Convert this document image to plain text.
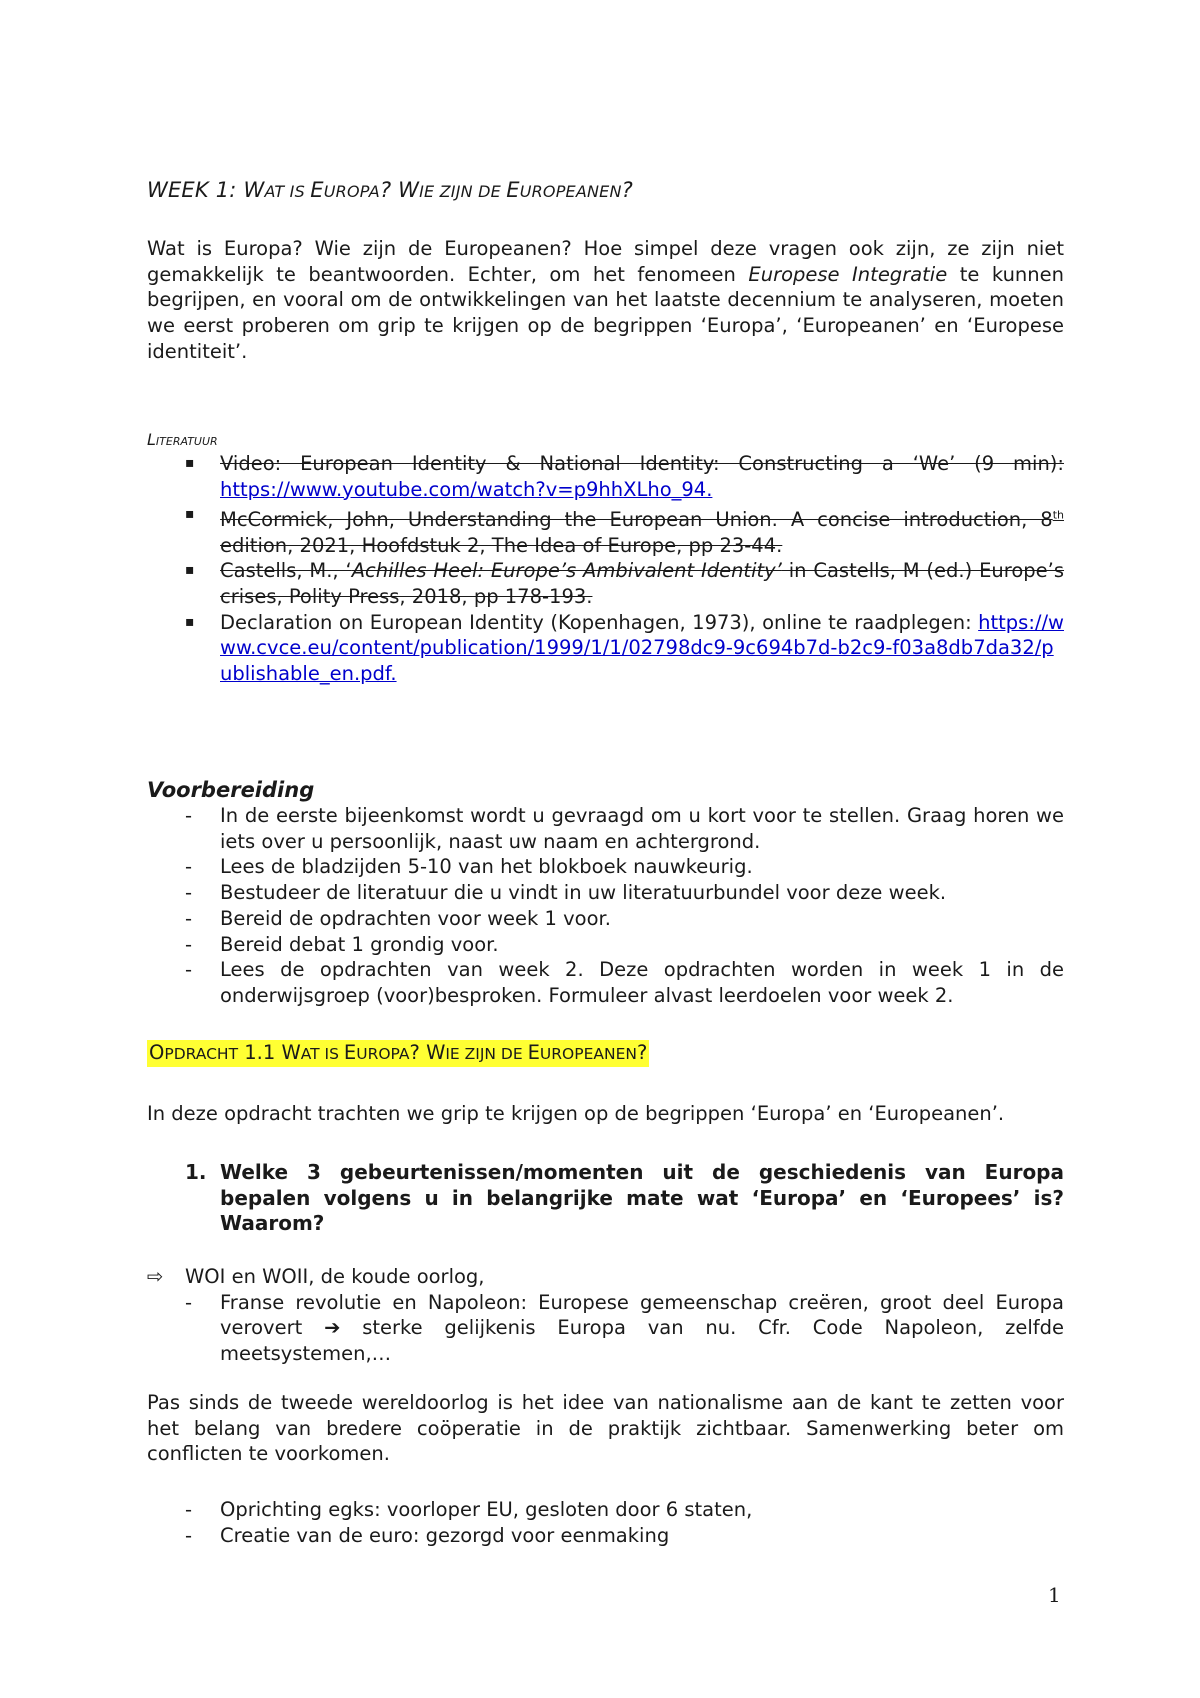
WEEK 1: WAT IS EUROPA? WIE ZIJN DE EUROPEANEN?
Wat is Europa? Wie zijn de Europeanen? Hoe simpel deze vragen ook zijn, ze zijn niet gemakkelijk te beantwoorden. Echter, om het fenomeen Europese Integratie te kunnen begrijpen, en vooral om de ontwikkelingen van het laatste decennium te analyseren, moeten we eerst proberen om grip te krijgen op de begrippen ‘Europa’, ‘Europeanen’ en ‘Europese identiteit’.
Literatuur
▪ Video: European Identity & National Identity: Constructing a ‘We’ (9 min): https://www.youtube.com/watch?v=p9hhXLho_94.
▪ McCormick, John, Understanding the European Union. A concise introduction, 8th edition, 2021, Hoofdstuk 2, The Idea of Europe, pp 23-44.
▪ Castells, M., ‘Achilles Heel: Europe’s Ambivalent Identity’ in Castells, M (ed.) Europe’s crises, Polity Press, 2018, pp 178-193.
▪ Declaration on European Identity (Kopenhagen, 1973), online te raadplegen: https://www.cvce.eu/content/publication/1999/1/1/02798dc9-9c694b7d-b2c9-f03a8db7da32/publishable_en.pdf.
Voorbereiding
- In de eerste bijeenkomst wordt u gevraagd om u kort voor te stellen. Graag horen we iets over u persoonlijk, naast uw naam en achtergrond.
- Lees de bladzijden 5-10 van het blokboek nauwkeurig.
- Bestudeer de literatuur die u vindt in uw literatuurbundel voor deze week.
- Bereid de opdrachten voor week 1 voor.
- Bereid debat 1 grondig voor.
- Lees de opdrachten van week 2. Deze opdrachten worden in week 1 in de onderwijsgroep (voor)besproken. Formuleer alvast leerdoelen voor week 2.
OPDRACHT 1.1 WAT IS EUROPA? WIE ZIJN DE EUROPEANEN?
In deze opdracht trachten we grip te krijgen op de begrippen ‘Europa’ en ‘Europeanen’.
1. Welke 3 gebeurtenissen/momenten uit de geschiedenis van Europa bepalen volgens u in belangrijke mate wat ‘Europa’ en ‘Europees’ is? Waarom?
⇨ WOI en WOII, de koude oorlog,
- Franse revolutie en Napoleon: Europese gemeenschap creëren, groot deel Europa verovert ➔ sterke gelijkenis Europa van nu. Cfr. Code Napoleon, zelfde meetsystemen,…
Pas sinds de tweede wereldoorlog is het idee van nationalisme aan de kant te zetten voor het belang van bredere coöperatie in de praktijk zichtbaar. Samenwerking beter om conflicten te voorkomen.
- Oprichting egks: voorloper EU, gesloten door 6 staten,
- Creatie van de euro: gezorgd voor eenmaking
1
